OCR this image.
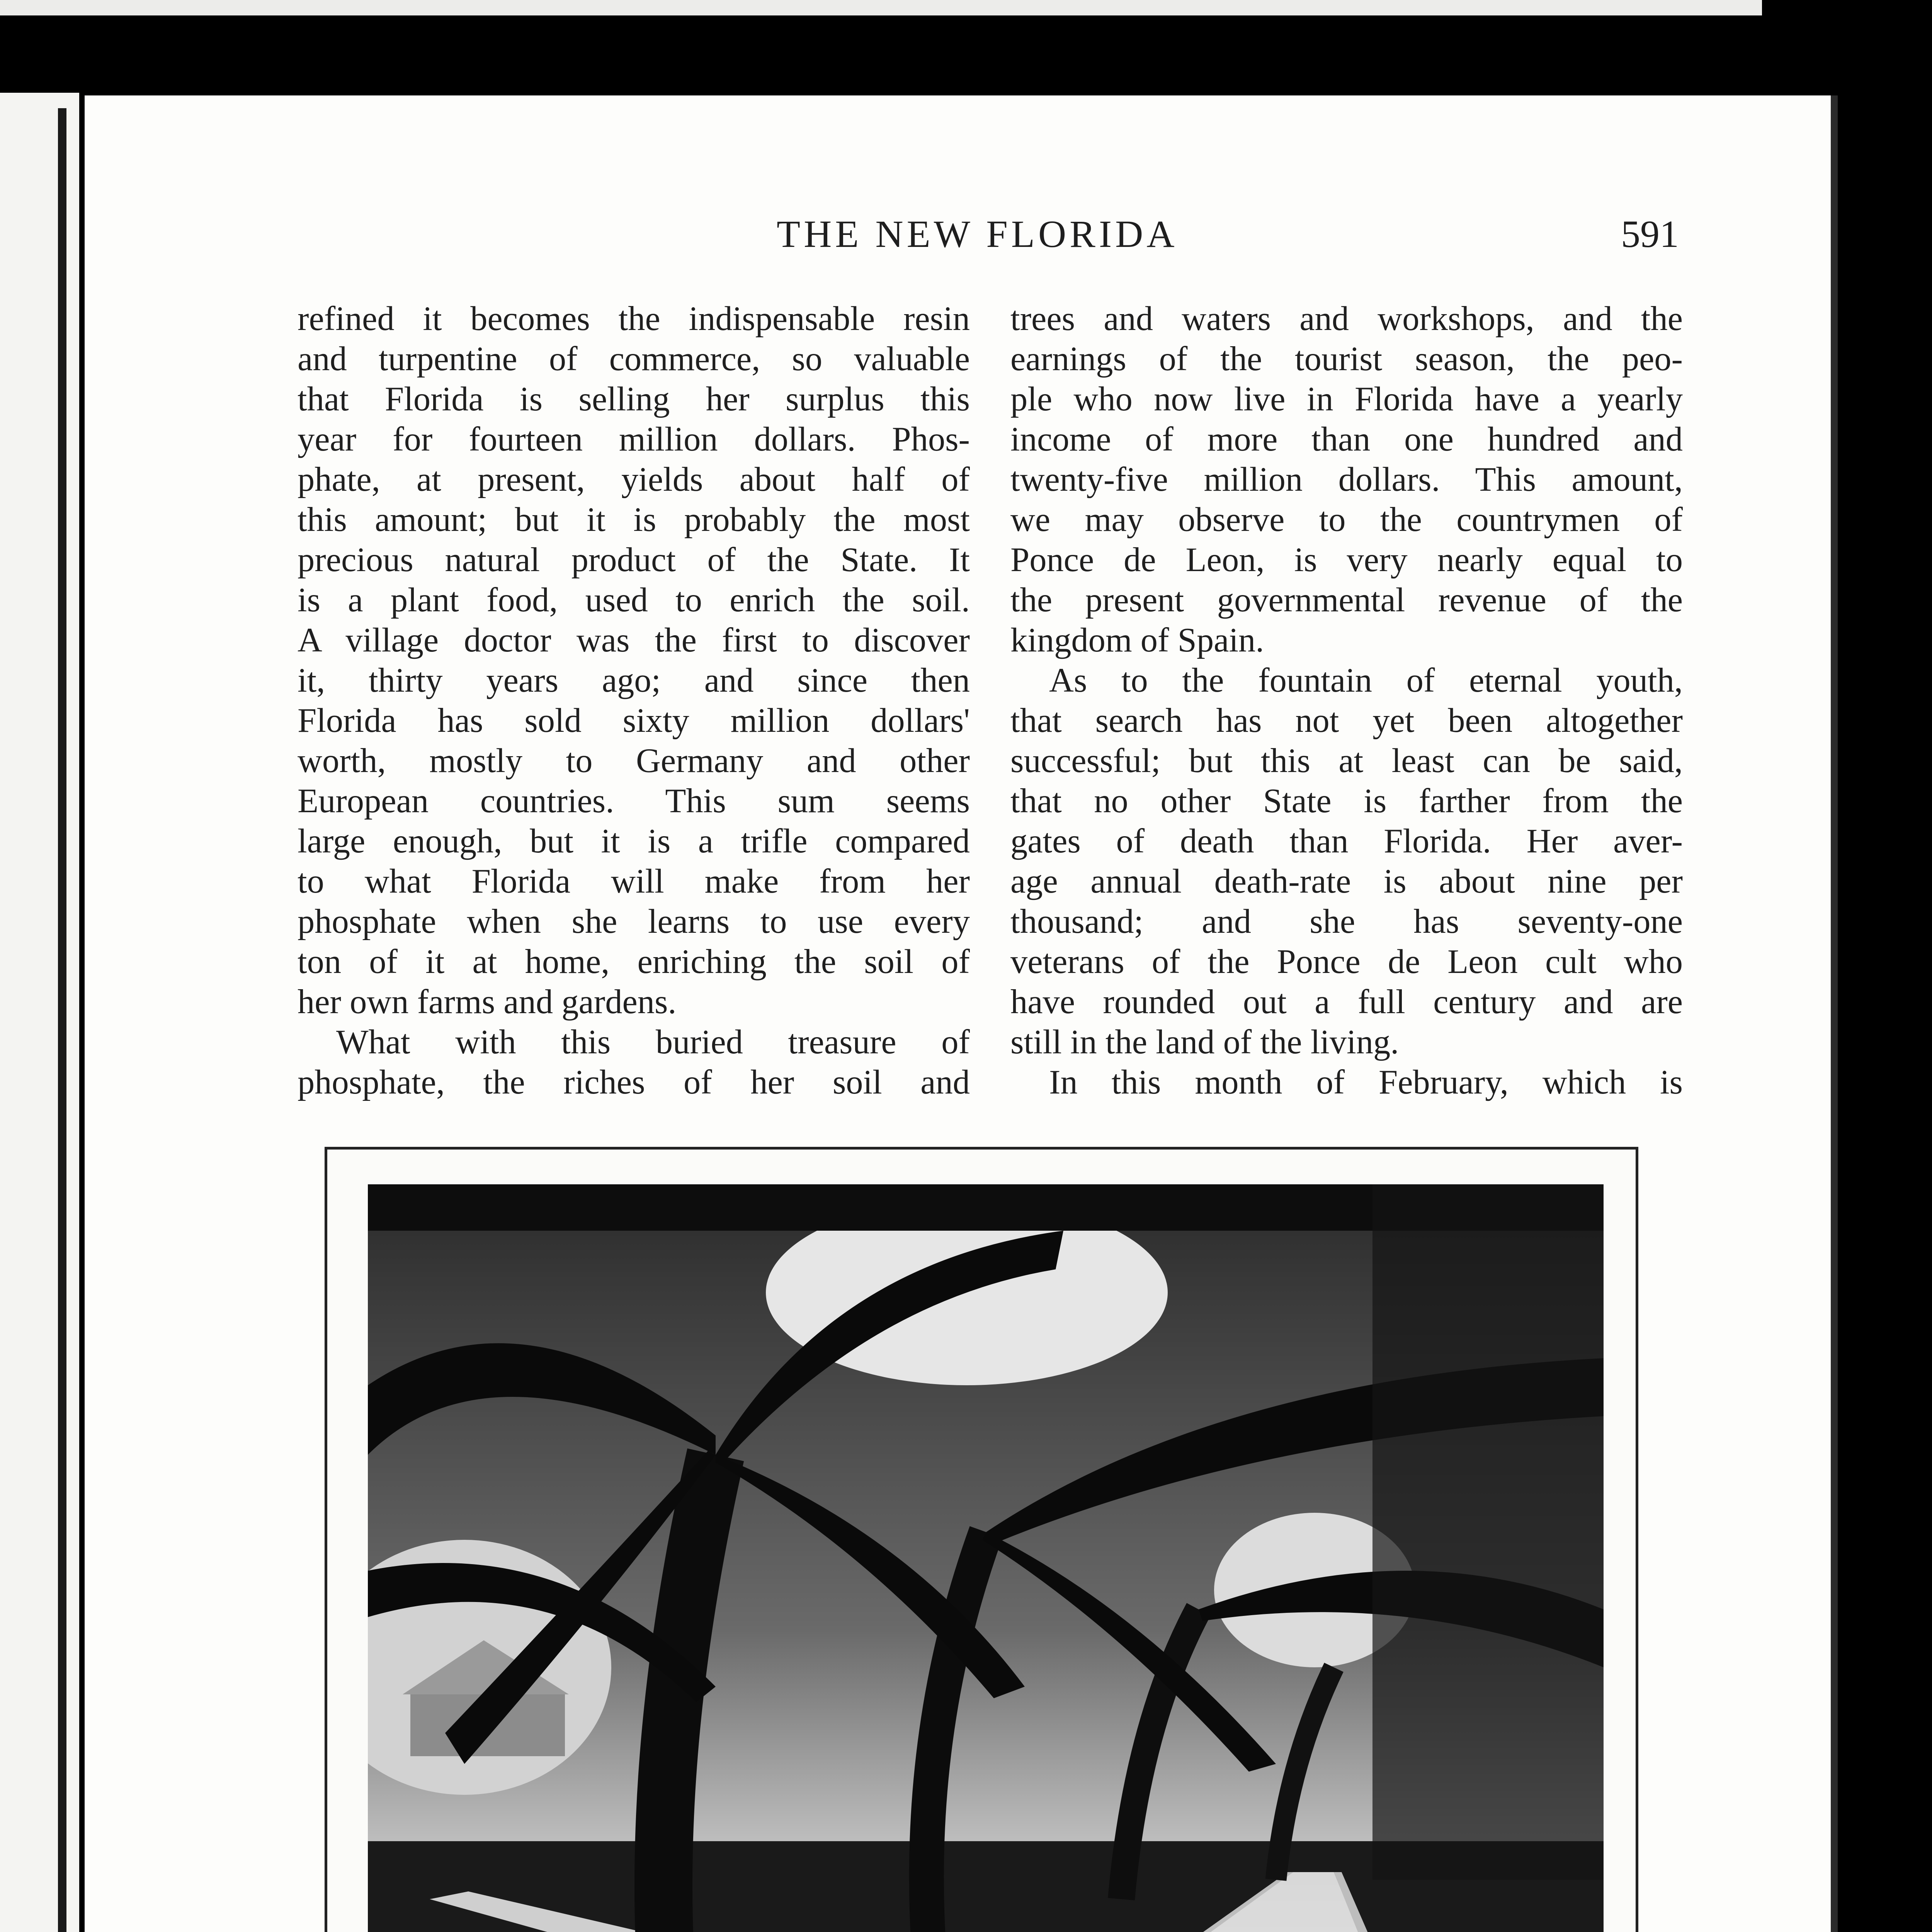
THE NEW FLORIDA	591
refined it becomes the indispensable resin
and turpentine of commerce, so valuable
that Florida is selling her surplus this
year for fourteen million dollars. Phos-
phate, at present, yields about half of
this amount; but it is probably the most
precious natural product of the State. It
is a plant food, used to enrich the soil.
A village doctor was the first to discover
it, thirty years ago; and since then
Florida has sold sixty million dollars'
worth, mostly to Germany and other
European countries. This sum seems
large enough, but it is a trifle compared
to what Florida will make from her
phosphate when she learns to use every
ton of it at home, enriching the soil of
her own farms and gardens.
What with this buried treasure of
phosphate, the riches of her soil and
trees and waters and workshops, and the
earnings of the tourist season, the peo-
ple who now live in Florida have a yearly
income of more than one hundred and
twenty-five million dollars. This amount,
we may observe to the countrymen of
Ponce de Leon, is very nearly equal to
the present governmental revenue of the
kingdom of Spain.
As to the fountain of eternal youth,
that search has not yet been altogether
successful; but this at least can be said,
that no other State is farther from the
gates of death than Florida. Her aver-
age annual death-rate is about nine per
thousand; and she has seventy-one
veterans of the Ponce de Leon cult who
have rounded out a full century and are
still in the land of the living.
In this month of February, which is
